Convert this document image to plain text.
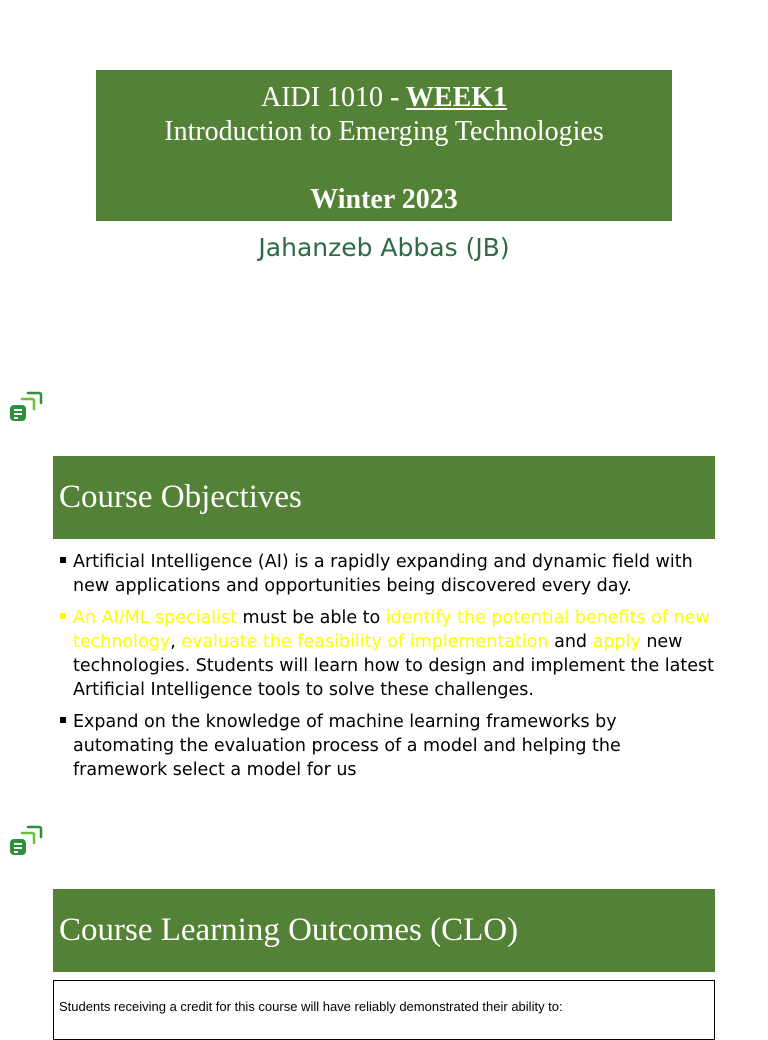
AIDI 1010 - WEEK1
Introduction to Emerging Technologies
Winter 2023
Jahanzeb Abbas (JB)
Course Objectives
Artificial Intelligence (AI) is a rapidly expanding and dynamic field with new applications and opportunities being discovered every day.
An AI/ML specialist must be able to identify the potential benefits of new technology, evaluate the feasibility of implementation and apply new technologies. Students will learn how to design and implement the latest Artificial Intelligence tools to solve these challenges.
Expand on the knowledge of machine learning frameworks by automating the evaluation process of a model and helping the framework select a model for us
Course Learning Outcomes (CLO)
Students receiving a credit for this course will have reliably demonstrated their ability to:
